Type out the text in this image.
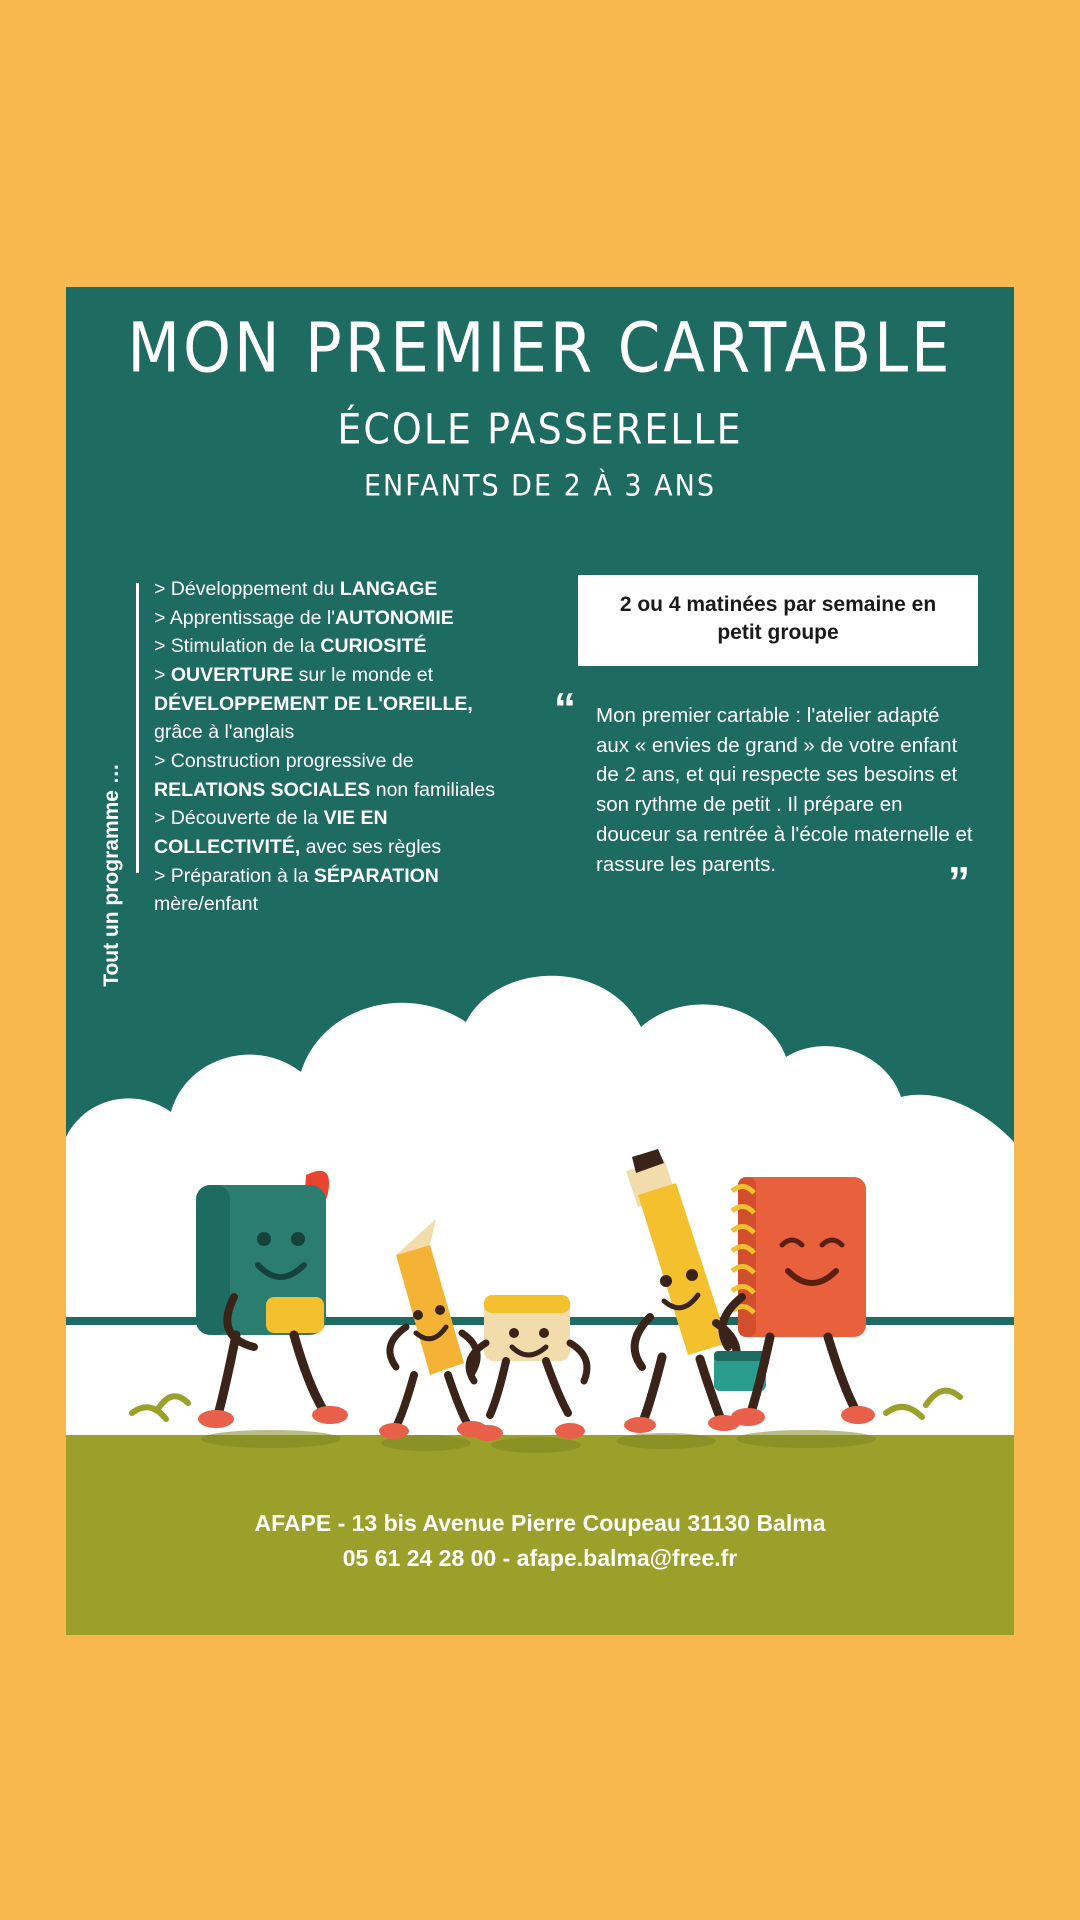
MON PREMIER CARTABLE
ÉCOLE PASSERELLE
ENFANTS DE 2 À 3 ANS
Tout un programme …
> Développement du LANGAGE
> Apprentissage de l'AUTONOMIE
> Stimulation de la CURIOSITÉ
> OUVERTURE sur le monde et
DÉVELOPPEMENT DE L'OREILLE,
grâce à l'anglais
> Construction progressive de
RELATIONS SOCIALES non familiales
> Découverte de la VIE EN
COLLECTIVITÉ, avec ses règles
> Préparation à la SÉPARATION
mère/enfant
2 ou 4 matinées par semaine en
petit groupe
“ Mon premier cartable : l'atelier adapté aux « envies de grand » de votre enfant de 2 ans, et qui respecte ses besoins et son rythme de petit . Il prépare en douceur sa rentrée à l'école maternelle et rassure les parents.	”
AFAPE - 13 bis Avenue Pierre Coupeau 31130 Balma
05 61 24 28 00 - afape.balma@free.fr
